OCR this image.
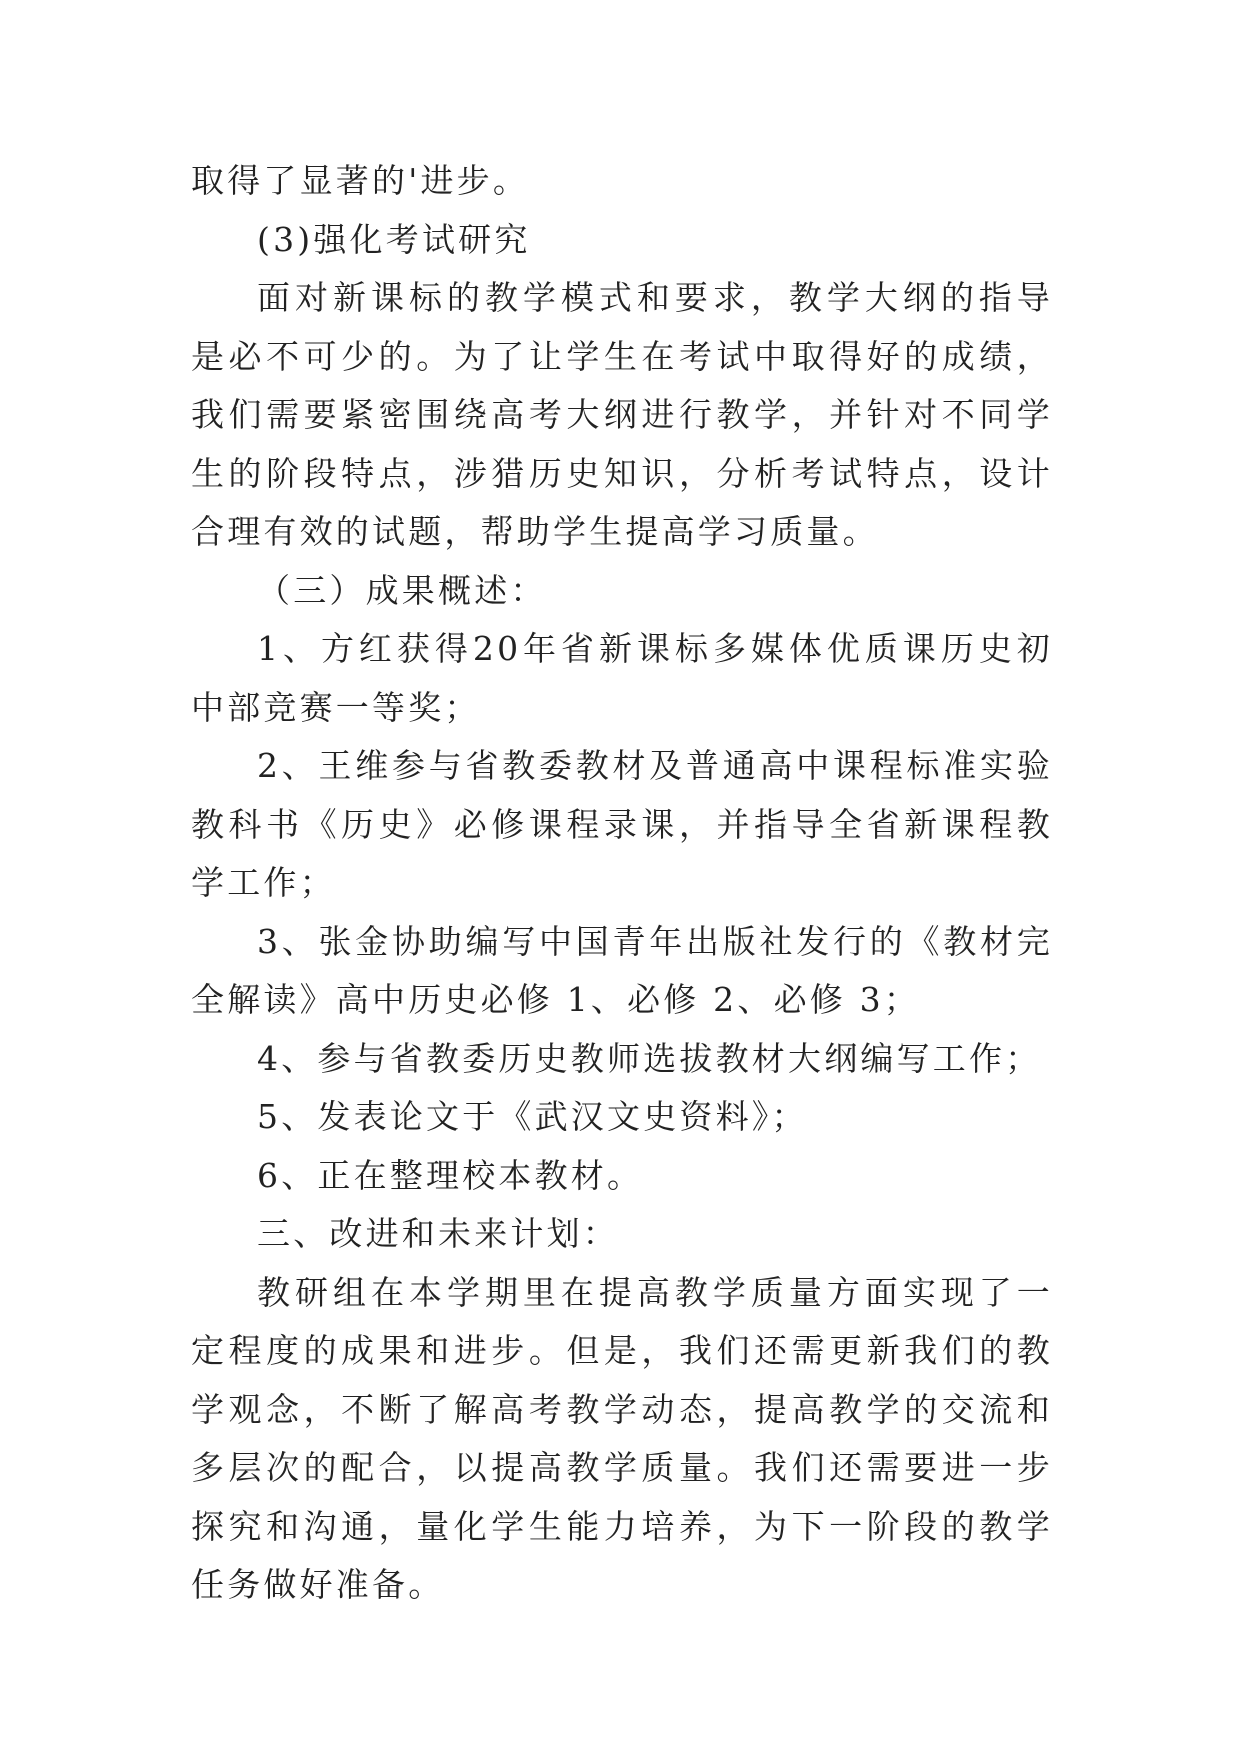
取得了显著的'进步。

(3)强化考试研究

面对新课标的教学模式和要求，教学大纲的指导是必不可少的。为了让学生在考试中取得好的成绩，我们需要紧密围绕高考大纲进行教学，并针对不同学生的阶段特点，涉猎历史知识，分析考试特点，设计合理有效的试题，帮助学生提高学习质量。

（三）成果概述：

1、方红获得20年省新课标多媒体优质课历史初中部竞赛一等奖；

2、王维参与省教委教材及普通高中课程标准实验教科书《历史》必修课程录课，并指导全省新课程教学工作；

3、张金协助编写中国青年出版社发行的《教材完全解读》高中历史必修 1、必修 2、必修 3；

4、参与省教委历史教师选拔教材大纲编写工作；

5、发表论文于《武汉文史资料》；

6、正在整理校本教材。

三、改进和未来计划：

教研组在本学期里在提高教学质量方面实现了一定程度的成果和进步。但是，我们还需更新我们的教学观念，不断了解高考教学动态，提高教学的交流和多层次的配合，以提高教学质量。我们还需要进一步探究和沟通，量化学生能力培养，为下一阶段的教学任务做好准备。
